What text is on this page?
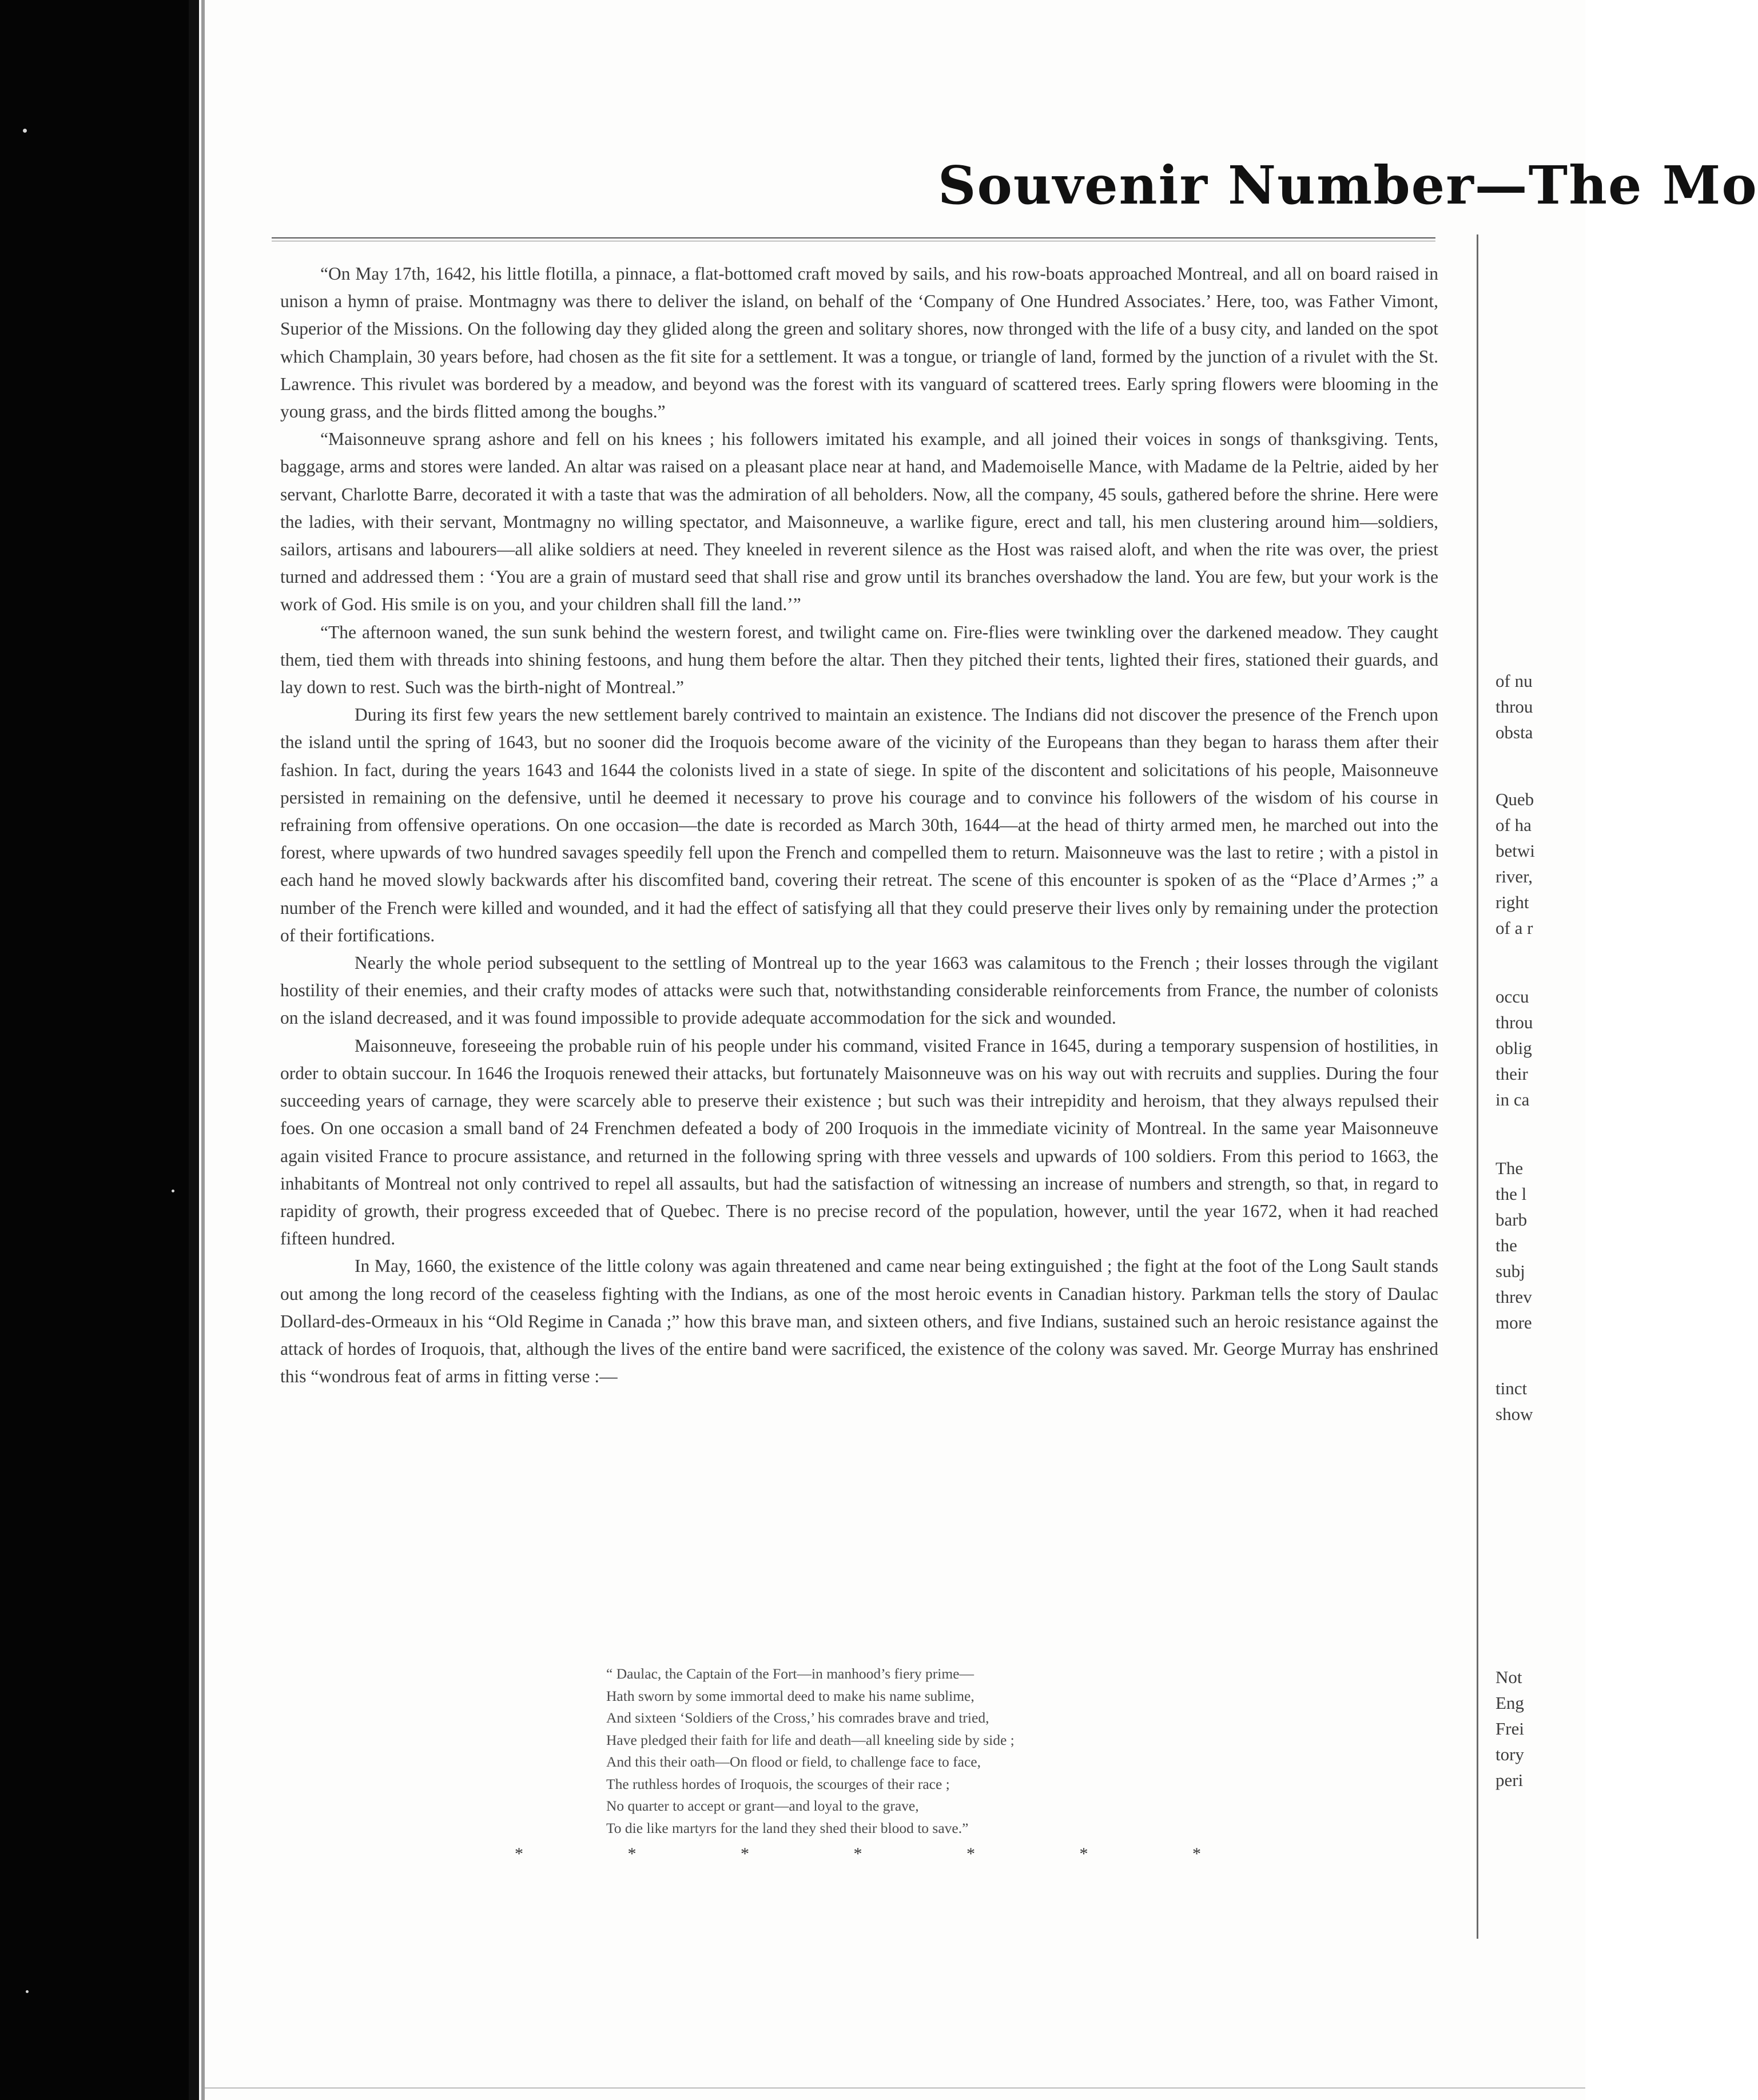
Souvenir Number—The Mo

“On May 17th, 1642, his little flotilla, a pinnace, a flat-bottomed craft moved by sails, and his row-boats approached Montreal, and all on board raised in unison a hymn of praise. Montmagny was there to deliver the island, on behalf of the ‘Company of One Hundred Associates.’ Here, too, was Father Vimont, Superior of the Missions. On the following day they glided along the green and solitary shores, now thronged with the life of a busy city, and landed on the spot which Champlain, 30 years before, had chosen as the fit site for a settlement. It was a tongue, or triangle of land, formed by the junction of a rivulet with the St. Lawrence. This rivulet was bordered by a meadow, and beyond was the forest with its vanguard of scattered trees. Early spring flowers were blooming in the young grass, and the birds flitted among the boughs.”

“Maisonneuve sprang ashore and fell on his knees ; his followers imitated his example, and all joined their voices in songs of thanksgiving. Tents, baggage, arms and stores were landed. An altar was raised on a pleasant place near at hand, and Mademoiselle Mance, with Madame de la Peltrie, aided by her servant, Charlotte Barre, decorated it with a taste that was the admiration of all beholders. Now, all the company, 45 souls, gathered before the shrine. Here were the ladies, with their servant, Montmagny no willing spectator, and Maisonneuve, a warlike figure, erect and tall, his men clustering around him—soldiers, sailors, artisans and labourers—all alike soldiers at need. They kneeled in reverent silence as the Host was raised aloft, and when the rite was over, the priest turned and addressed them : ‘You are a grain of mustard seed that shall rise and grow until its branches overshadow the land. You are few, but your work is the work of God. His smile is on you, and your children shall fill the land.’”

“The afternoon waned, the sun sunk behind the western forest, and twilight came on. Fire-flies were twinkling over the darkened meadow. They caught them, tied them with threads into shining festoons, and hung them before the altar. Then they pitched their tents, lighted their fires, stationed their guards, and lay down to rest. Such was the birth-night of Montreal.”

During its first few years the new settlement barely contrived to maintain an existence. The Indians did not discover the presence of the French upon the island until the spring of 1643, but no sooner did the Iroquois become aware of the vicinity of the Europeans than they began to harass them after their fashion. In fact, during the years 1643 and 1644 the colonists lived in a state of siege. In spite of the discontent and solicitations of his people, Maisonneuve persisted in remaining on the defensive, until he deemed it necessary to prove his courage and to convince his followers of the wisdom of his course in refraining from offensive operations. On one occasion—the date is recorded as March 30th, 1644—at the head of thirty armed men, he marched out into the forest, where upwards of two hundred savages speedily fell upon the French and compelled them to return. Maisonneuve was the last to retire ; with a pistol in each hand he moved slowly backwards after his discomfited band, covering their retreat. The scene of this encounter is spoken of as the “Place d’Armes ;” a number of the French were killed and wounded, and it had the effect of satisfying all that they could preserve their lives only by remaining under the protection of their fortifications.

Nearly the whole period subsequent to the settling of Montreal up to the year 1663 was calamitous to the French ; their losses through the vigilant hostility of their enemies, and their crafty modes of attacks were such that, notwithstanding considerable reinforcements from France, the number of colonists on the island decreased, and it was found impossible to provide adequate accommodation for the sick and wounded.

Maisonneuve, foreseeing the probable ruin of his people under his command, visited France in 1645, during a temporary suspension of hostilities, in order to obtain succour. In 1646 the Iroquois renewed their attacks, but fortunately Maisonneuve was on his way out with recruits and supplies. During the four succeeding years of carnage, they were scarcely able to preserve their existence ; but such was their intrepidity and heroism, that they always repulsed their foes. On one occasion a small band of 24 Frenchmen defeated a body of 200 Iroquois in the immediate vicinity of Montreal. In the same year Maisonneuve again visited France to procure assistance, and returned in the following spring with three vessels and upwards of 100 soldiers. From this period to 1663, the inhabitants of Montreal not only contrived to repel all assaults, but had the satisfaction of witnessing an increase of numbers and strength, so that, in regard to rapidity of growth, their progress exceeded that of Quebec. There is no precise record of the population, however, until the year 1672, when it had reached fifteen hundred.

In May, 1660, the existence of the little colony was again threatened and came near being extinguished ; the fight at the foot of the Long Sault stands out among the long record of the ceaseless fighting with the Indians, as one of the most heroic events in Canadian history. Parkman tells the story of Daulac Dollard-des-Ormeaux in his “Old Regime in Canada ;” how this brave man, and sixteen others, and five Indians, sustained such an heroic resistance against the attack of hordes of Iroquois, that, although the lives of the entire band were sacrificed, the existence of the colony was saved. Mr. George Murray has enshrined this “wondrous feat of arms in fitting verse :—

“ Daulac, the Captain of the Fort—in manhood’s fiery prime—
Hath sworn by some immortal deed to make his name sublime,
And sixteen ‘Soldiers of the Cross,’ his comrades brave and tried,
Have pledged their faith for life and death—all kneeling side by side ;
And this their oath—On flood or field, to challenge face to face,
The ruthless hordes of Iroquois, the scourges of their race ;
No quarter to accept or grant—and loyal to the grave,
To die like martyrs for the land they shed their blood to save.”
*	*	*	*	*	*	*
of nu
throu
obsta
Queb
of ha
betwi
river,
right
of a r
occu
throu
oblig
their
in ca
The
the l
barb
the
subj
threv
more
tinct
show
Not
Eng
Frei
tory
peri
